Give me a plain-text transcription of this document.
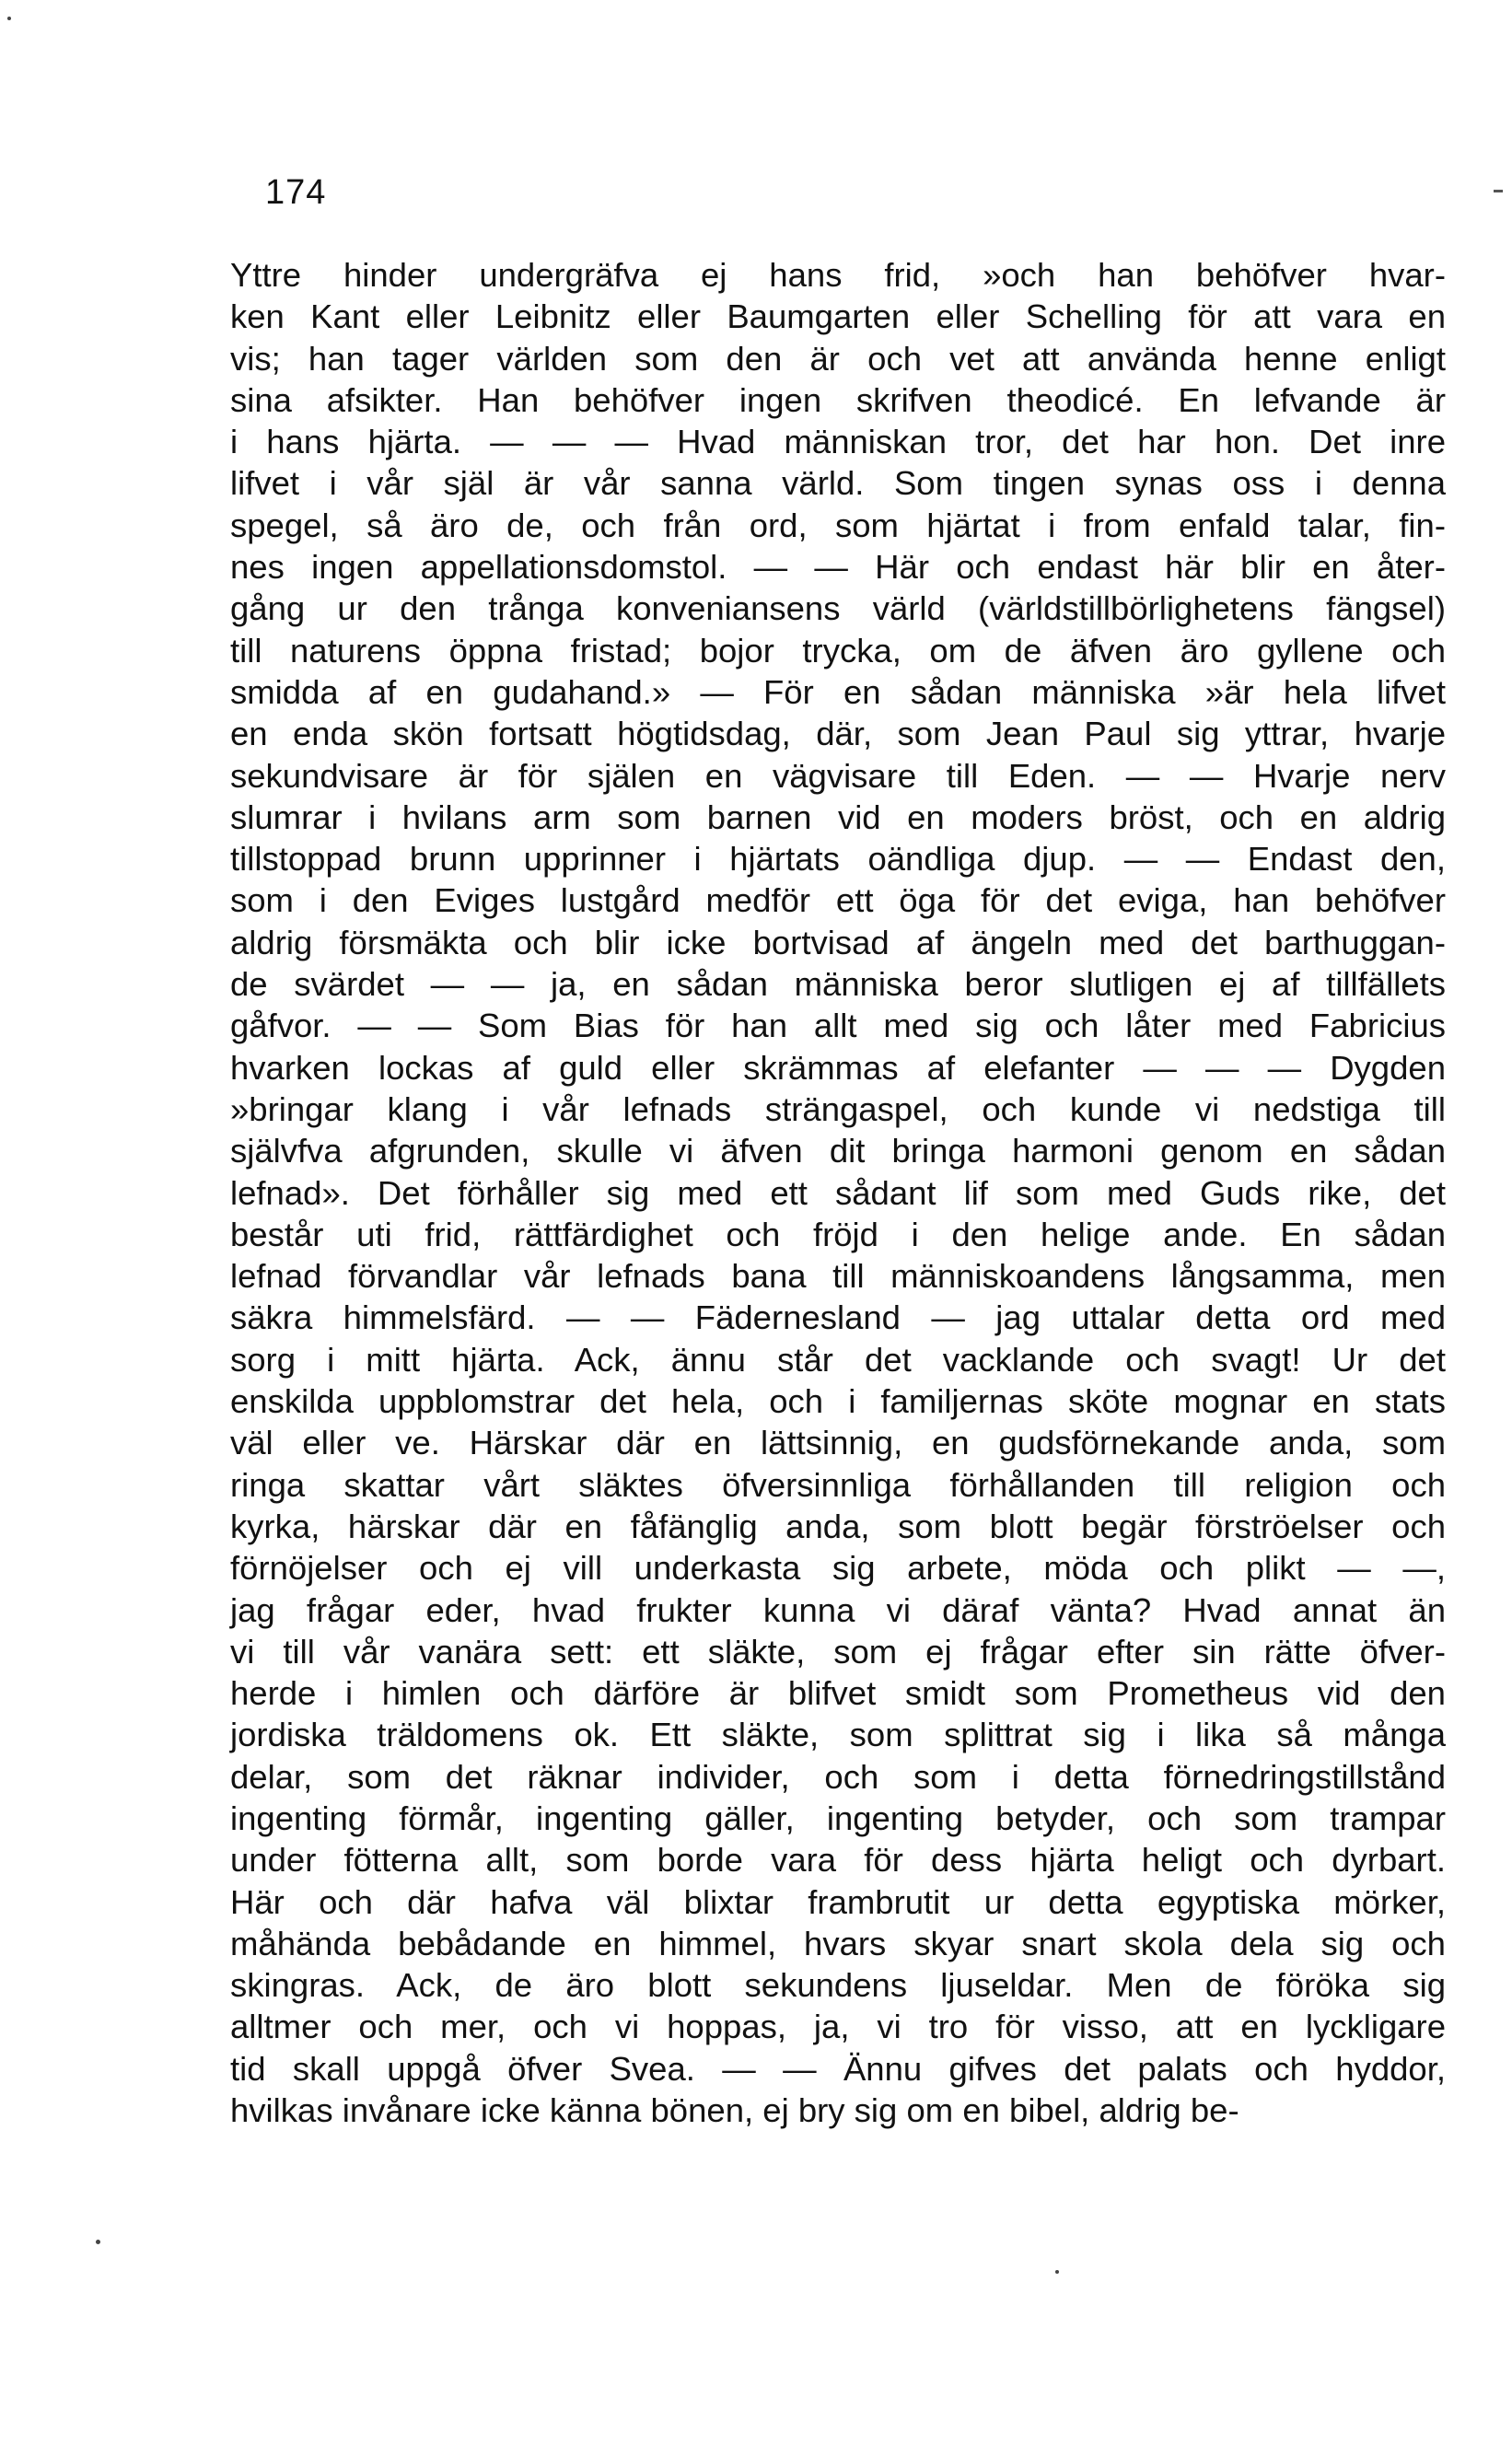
174
Yttre hinder undergräfva ej hans frid, »och han behöfver hvar-
ken Kant eller Leibnitz eller Baumgarten eller Schelling för att vara en
vis; han tager världen som den är och vet att använda henne enligt
sina afsikter. Han behöfver ingen skrifven theodicé. En lefvande är
i hans hjärta. — — — Hvad människan tror, det har hon. Det inre
lifvet i vår själ är vår sanna värld. Som tingen synas oss i denna
spegel, så äro de, och från ord, som hjärtat i from enfald talar, fin-
nes ingen appellationsdomstol. — — Här och endast här blir en åter-
gång ur den trånga konveniansens värld (världstillbörlighetens fängsel)
till naturens öppna fristad; bojor trycka, om de äfven äro gyllene och
smidda af en gudahand.» — För en sådan människa »är hela lifvet
en enda skön fortsatt högtidsdag, där, som Jean Paul sig yttrar, hvarje
sekundvisare är för själen en vägvisare till Eden. — — Hvarje nerv
slumrar i hvilans arm som barnen vid en moders bröst, och en aldrig
tillstoppad brunn upprinner i hjärtats oändliga djup. — — Endast den,
som i den Eviges lustgård medför ett öga för det eviga, han behöfver
aldrig försmäkta och blir icke bortvisad af ängeln med det barthuggan-
de svärdet — — ja, en sådan människa beror slutligen ej af tillfällets
gåfvor. — — Som Bias för han allt med sig och låter med Fabricius
hvarken lockas af guld eller skrämmas af elefanter — — — Dygden
»bringar klang i vår lefnads strängaspel, och kunde vi nedstiga till
självfva afgrunden, skulle vi äfven dit bringa harmoni genom en sådan
lefnad». Det förhåller sig med ett sådant lif som med Guds rike, det
består uti frid, rättfärdighet och fröjd i den helige ande. En sådan
lefnad förvandlar vår lefnads bana till människoandens långsamma, men
säkra himmelsfärd. — — Fädernesland — jag uttalar detta ord med
sorg i mitt hjärta. Ack, ännu står det vacklande och svagt! Ur det
enskilda uppblomstrar det hela, och i familjernas sköte mognar en stats
väl eller ve. Härskar där en lättsinnig, en gudsförnekande anda, som
ringa skattar vårt släktes öfversinnliga förhållanden till religion och
kyrka, härskar där en fåfänglig anda, som blott begär förströelser och
förnöjelser och ej vill underkasta sig arbete, möda och plikt — —,
jag frågar eder, hvad frukter kunna vi däraf vänta? Hvad annat än
vi till vår vanära sett: ett släkte, som ej frågar efter sin rätte öfver-
herde i himlen och därföre är blifvet smidt som Prometheus vid den
jordiska träldomens ok. Ett släkte, som splittrat sig i lika så många
delar, som det räknar individer, och som i detta förnedringstillstånd
ingenting förmår, ingenting gäller, ingenting betyder, och som trampar
under fötterna allt, som borde vara för dess hjärta heligt och dyrbart.
Här och där hafva väl blixtar frambrutit ur detta egyptiska mörker,
måhända bebådande en himmel, hvars skyar snart skola dela sig och
skingras. Ack, de äro blott sekundens ljuseldar. Men de föröka sig
alltmer och mer, och vi hoppas, ja, vi tro för visso, att en lyckligare
tid skall uppgå öfver Svea. — — Ännu gifves det palats och hyddor,
hvilkas invånare icke känna bönen, ej bry sig om en bibel, aldrig be-
